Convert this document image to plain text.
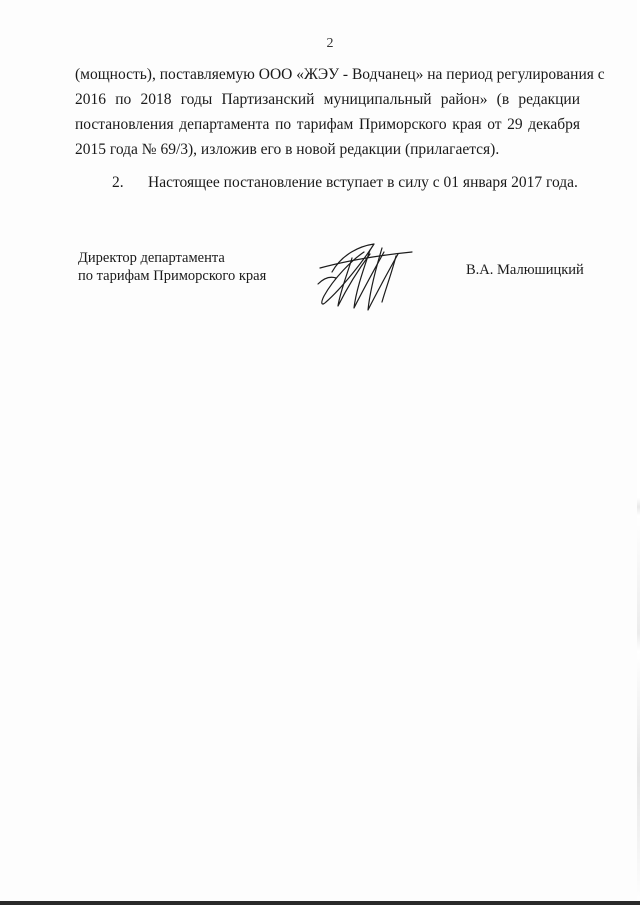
2
(мощность), поставляемую ООО «ЖЭУ - Водчанец» на период регулирования с
2016 по 2018 годы Партизанский муниципальный район» (в редакции
постановления департамента по тарифам Приморского края от 29 декабря
2015 года № 69/3), изложив его в новой редакции (прилагается).
2. Настоящее постановление вступает в силу с 01 января 2017 года.
Директор департамента
по тарифам Приморского края	В.А. Малюшицкий
